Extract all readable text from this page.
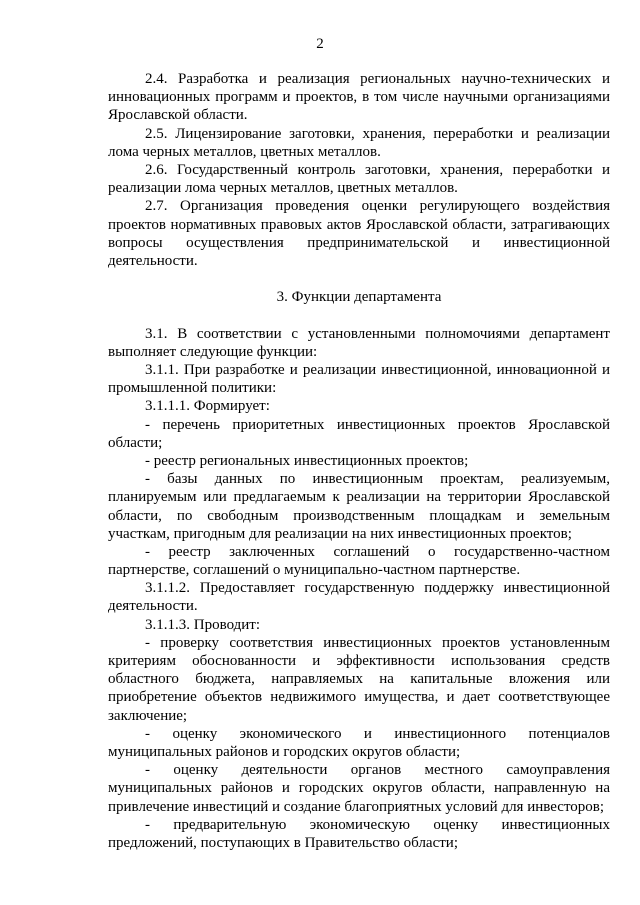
2
2.4. Разработка и реализация региональных научно-технических и
инновационных программ и проектов, в том числе научными организациями
Ярославской области.
2.5. Лицензирование заготовки, хранения, переработки и реализации
лома черных металлов, цветных металлов.
2.6. Государственный контроль заготовки, хранения, переработки и
реализации лома черных металлов, цветных металлов.
2.7. Организация проведения оценки регулирующего воздействия
проектов нормативных правовых актов Ярославской области, затрагивающих
вопросы осуществления предпринимательской и инвестиционной
деятельности.
3. Функции департамента
3.1. В соответствии с установленными полномочиями департамент
выполняет следующие функции:
3.1.1. При разработке и реализации инвестиционной, инновационной и
промышленной политики:
3.1.1.1. Формирует:
- перечень приоритетных инвестиционных проектов Ярославской
области;
- реестр региональных инвестиционных проектов;
- базы данных по инвестиционным проектам, реализуемым,
планируемым или предлагаемым к реализации на территории Ярославской
области, по свободным производственным площадкам и земельным
участкам, пригодным для реализации на них инвестиционных проектов;
- реестр заключенных соглашений о государственно-частном
партнерстве, соглашений о муниципально-частном партнерстве.
3.1.1.2. Предоставляет государственную поддержку инвестиционной
деятельности.
3.1.1.3. Проводит:
- проверку соответствия инвестиционных проектов установленным
критериям обоснованности и эффективности использования средств
областного бюджета, направляемых на капитальные вложения или
приобретение объектов недвижимого имущества, и дает соответствующее
заключение;
- оценку экономического и инвестиционного потенциалов
муниципальных районов и городских округов области;
- оценку деятельности органов местного самоуправления
муниципальных районов и городских округов области, направленную на
привлечение инвестиций и создание благоприятных условий для инвесторов;
- предварительную экономическую оценку инвестиционных
предложений, поступающих в Правительство области;
